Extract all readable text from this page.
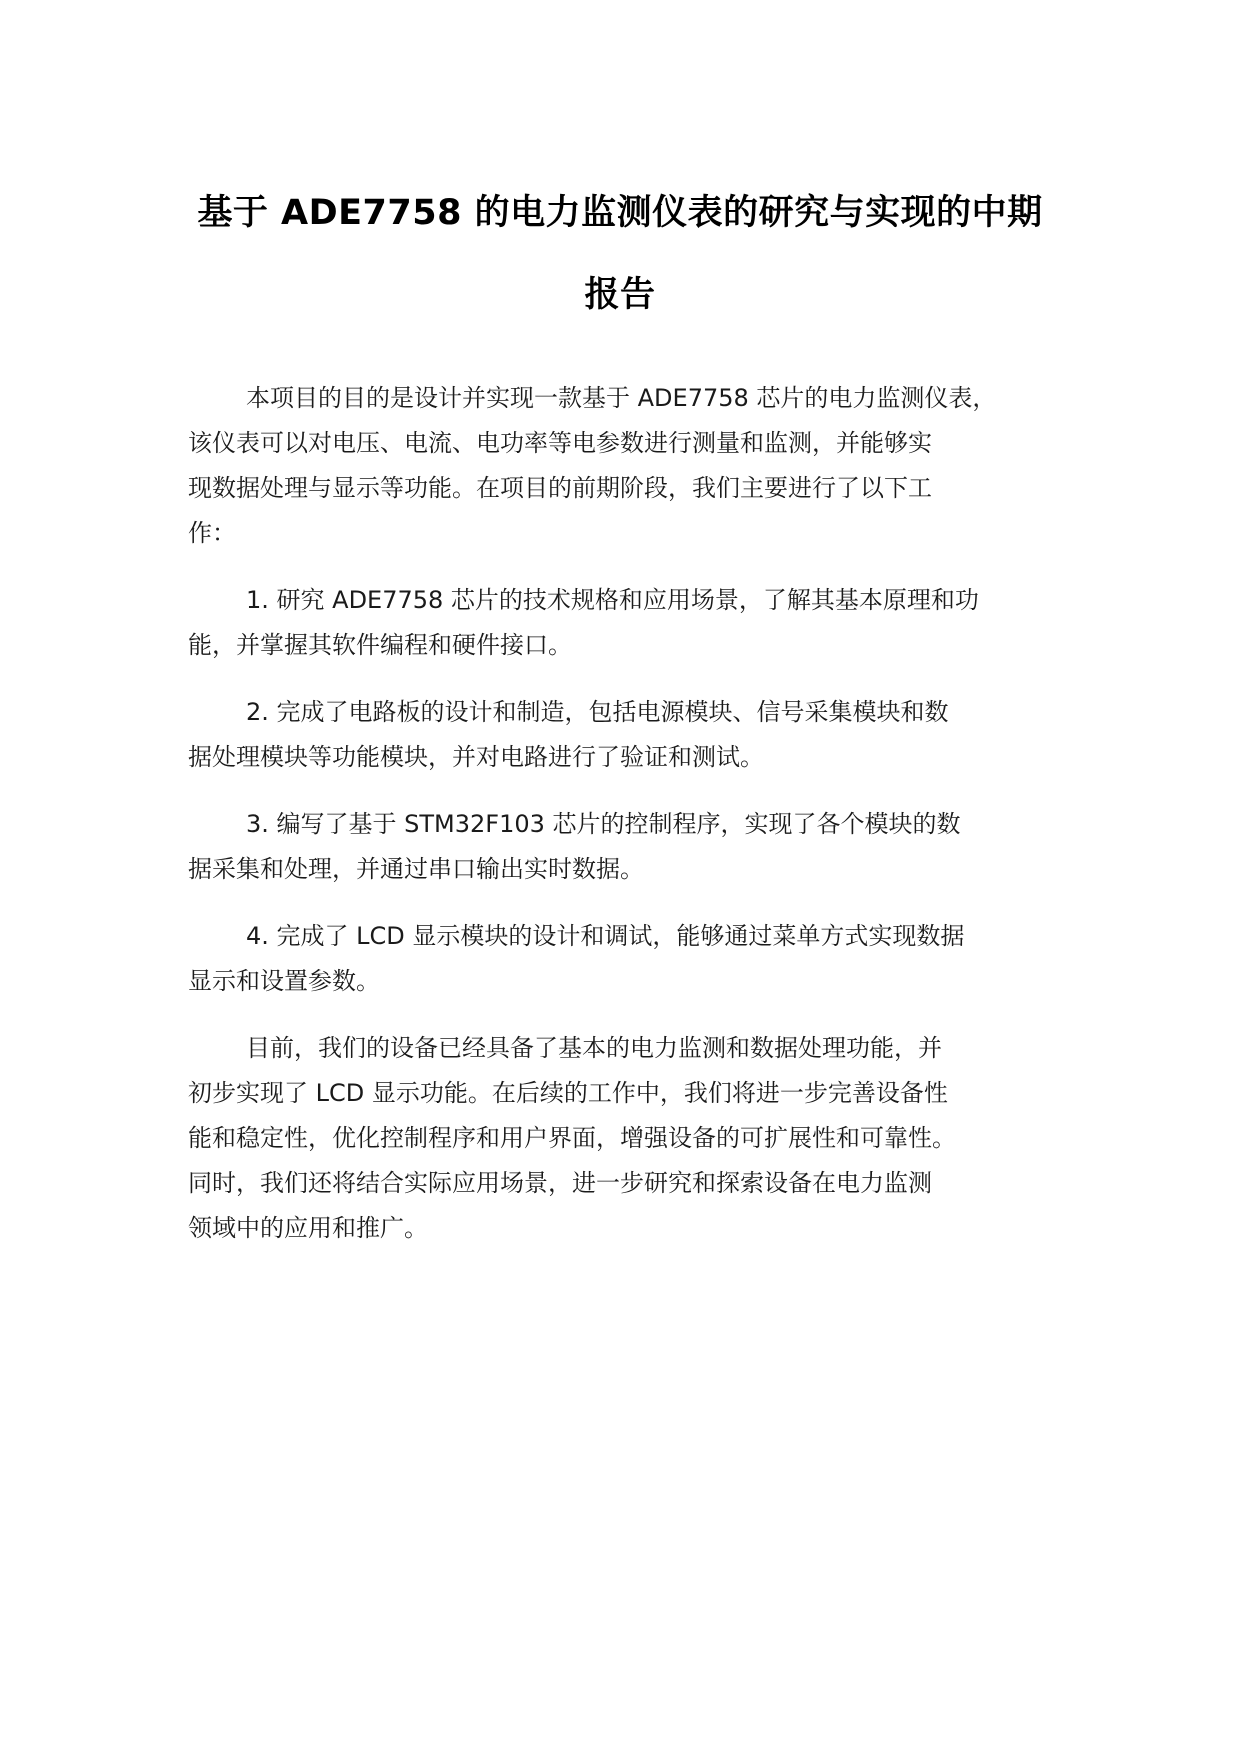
基于 ADE7758 的电力监测仪表的研究与实现的中期
报告

本项目的目的是设计并实现一款基于 ADE7758 芯片的电力监测仪表，
该仪表可以对电压、电流、电功率等电参数进行测量和监测，并能够实
现数据处理与显示等功能。在项目的前期阶段，我们主要进行了以下工
作：

1. 研究 ADE7758 芯片的技术规格和应用场景，了解其基本原理和功
能，并掌握其软件编程和硬件接口。

2. 完成了电路板的设计和制造，包括电源模块、信号采集模块和数
据处理模块等功能模块，并对电路进行了验证和测试。

3. 编写了基于 STM32F103 芯片的控制程序，实现了各个模块的数
据采集和处理，并通过串口输出实时数据。

4. 完成了 LCD 显示模块的设计和调试，能够通过菜单方式实现数据
显示和设置参数。

目前，我们的设备已经具备了基本的电力监测和数据处理功能，并
初步实现了 LCD 显示功能。在后续的工作中，我们将进一步完善设备性
能和稳定性，优化控制程序和用户界面，增强设备的可扩展性和可靠性。
同时，我们还将结合实际应用场景，进一步研究和探索设备在电力监测
领域中的应用和推广。
